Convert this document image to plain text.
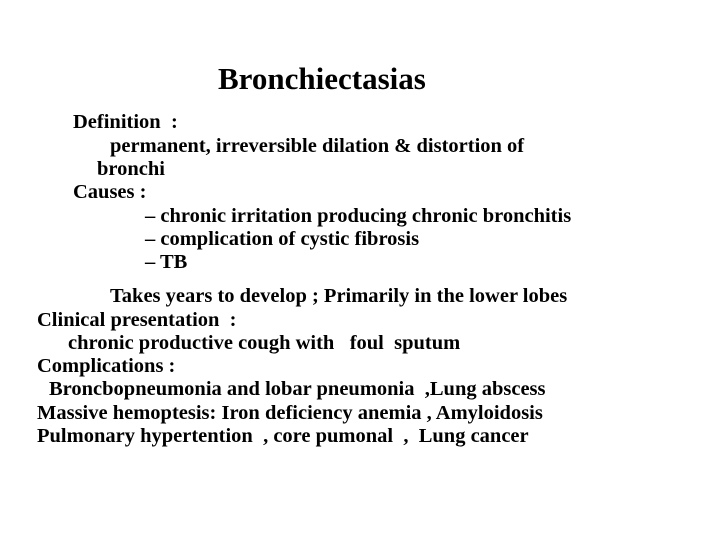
Bronchiectasias
Definition  :
permanent, irreversible dilation & distortion of
bronchi
Causes :
– chronic irritation producing chronic bronchitis
– complication of cystic fibrosis
– TB
Takes years to develop ; Primarily in the lower lobes
Clinical presentation  :
chronic productive cough with   foul  sputum
Complications :
Broncbopneumonia and lobar pneumonia  ,Lung abscess
Massive hemoptesis: Iron deficiency anemia , Amyloidosis
Pulmonary hypertention  , core pumonal  ,  Lung cancer
